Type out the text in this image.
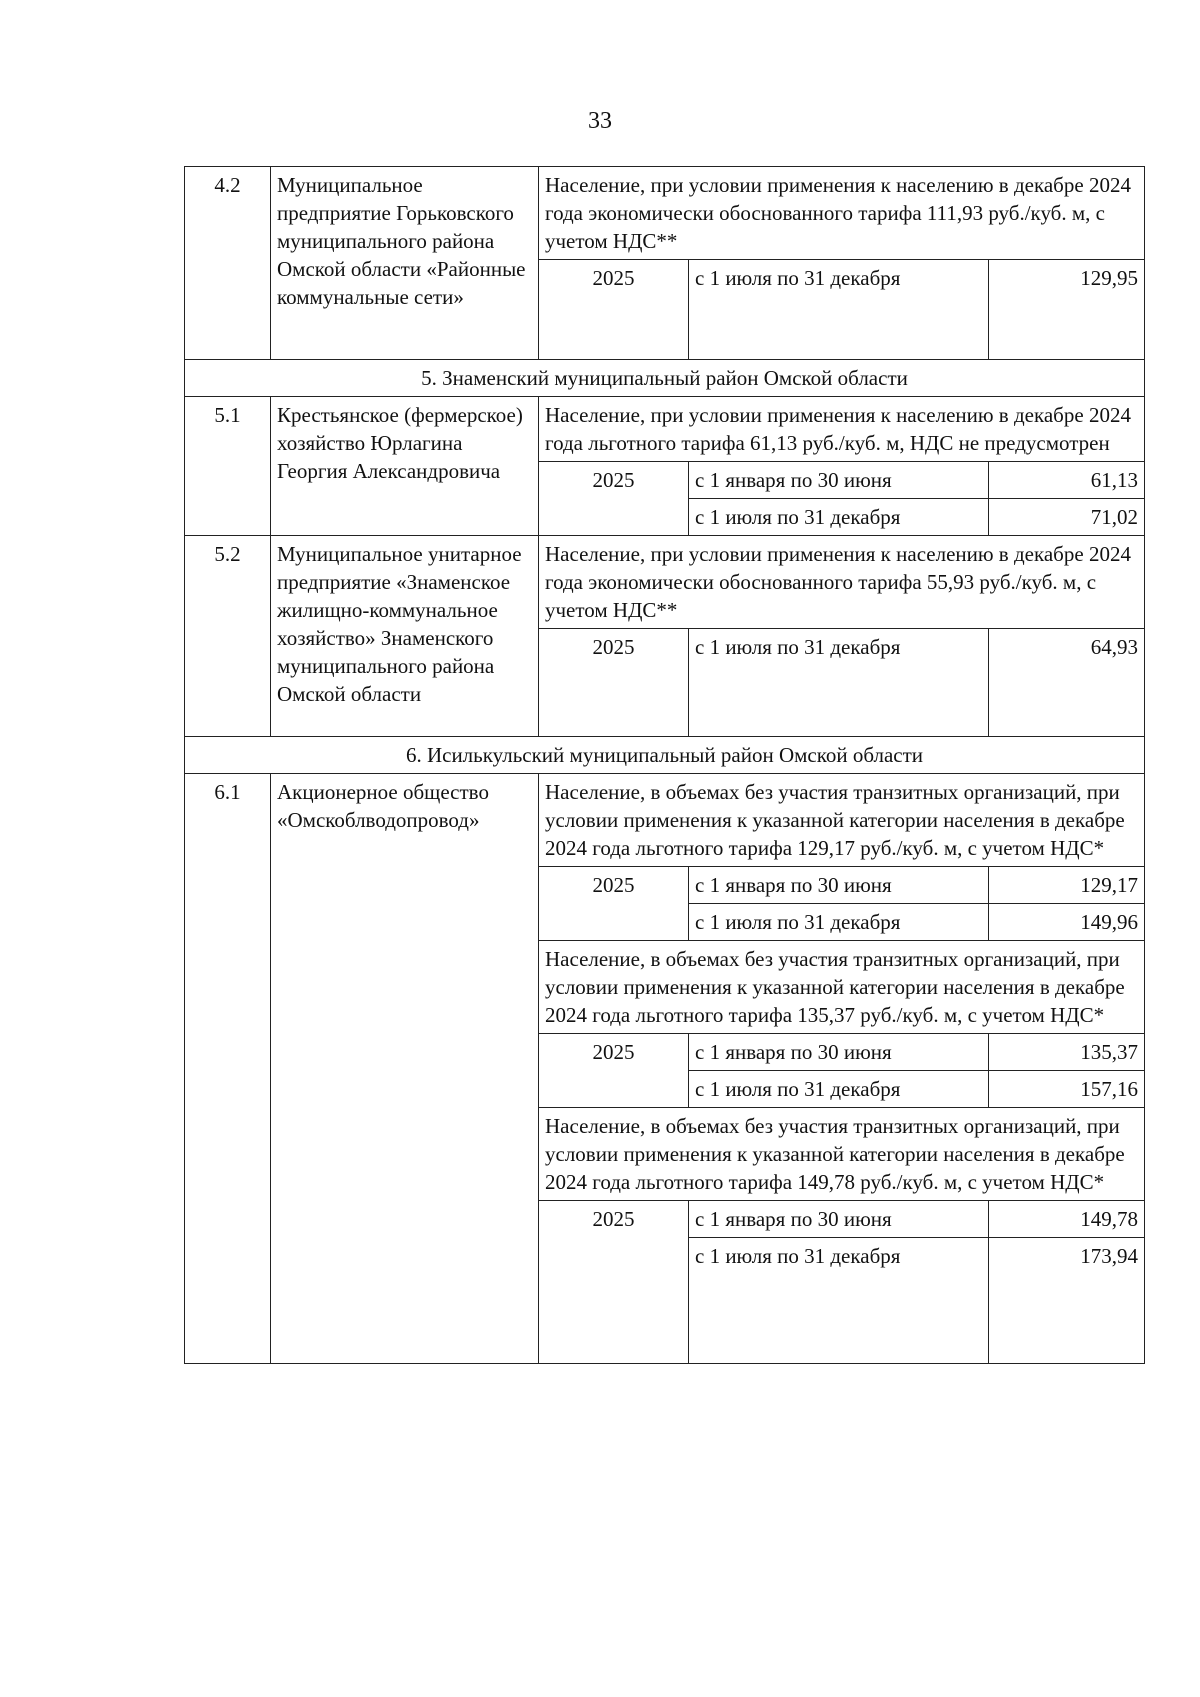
33
4.2	Муниципальное предприятие Горьковского муниципального района Омской области «Районные коммунальные сети»	Население, при условии применения к населению в декабре 2024 года экономически обоснованного тарифа 111,93 руб./куб. м, с учетом НДС**		
		2025	с 1 июля по 31 декабря	129,95
5. Знаменский муниципальный район Омской области				
5.1	Крестьянское (фермерское) хозяйство Юрлагина Георгия Александровича	Население, при условии применения к населению в декабре 2024 года льготного тарифа 61,13 руб./куб. м, НДС не предусмотрен		
		2025	с 1 января по 30 июня	61,13
			с 1 июля по 31 декабря	71,02
5.2	Муниципальное унитарное предприятие «Знаменское жилищно-коммунальное хозяйство» Знаменского муниципального района Омской области	Население, при условии применения к населению в декабре 2024 года экономически обоснованного тарифа 55,93 руб./куб. м, с учетом НДС**		
		2025	с 1 июля по 31 декабря	64,93
6. Исилькульский муниципальный район Омской области				
6.1	Акционерное общество «Омскоблводопровод»	Население, в объемах без участия транзитных организаций, при условии применения к указанной категории населения в декабре 2024 года льготного тарифа 129,17 руб./куб. м, с учетом НДС*		
		2025	с 1 января по 30 июня	129,17
			с 1 июля по 31 декабря	149,96
		Население, в объемах без участия транзитных организаций, при условии применения к указанной категории населения в декабре 2024 года льготного тарифа 135,37 руб./куб. м, с учетом НДС*		
		2025	с 1 января по 30 июня	135,37
			с 1 июля по 31 декабря	157,16
		Население, в объемах без участия транзитных организаций, при условии применения к указанной категории населения в декабре 2024 года льготного тарифа 149,78 руб./куб. м, с учетом НДС*		
		2025	с 1 января по 30 июня	149,78
			с 1 июля по 31 декабря	173,94
